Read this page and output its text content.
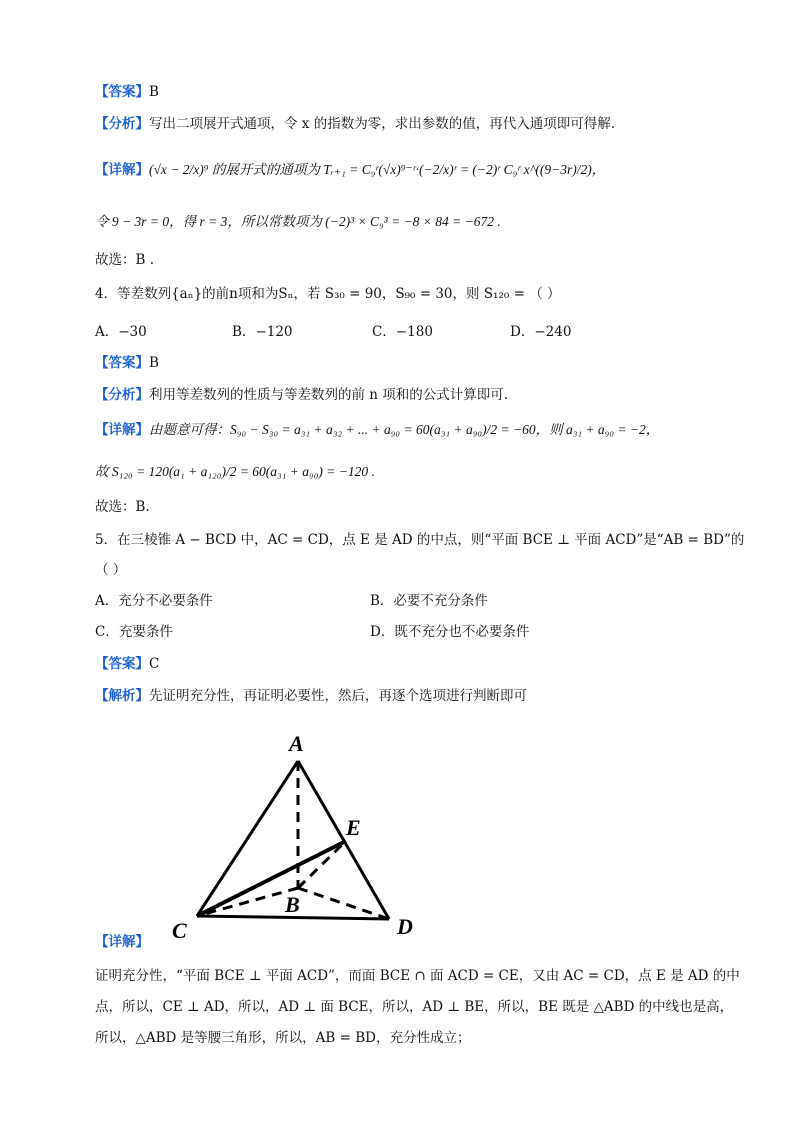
【答案】B
【分析】写出二项展开式通项，令 x 的指数为零，求出参数的值，再代入通项即可得解.
【详解】(√x − 2/x)⁹ 的展开式的通项为 Tᵣ₊₁ = C₉ʳ(√x)⁹⁻ʳ·(−2/x)ʳ = (−2)ʳ C₉ʳ x^((9−3r)/2)，
令 9 − 3r = 0，得 r = 3，所以常数项为 (−2)³ × C₉³ = −8 × 84 = −672 .
故选：B .
4．等差数列{aₙ}的前n项和为Sₙ，若 S₃₀ = 90，S₉₀ = 30，则 S₁₂₀ = （ ）
A．−30	B．−120	C．−180	D．−240
【答案】B
【分析】利用等差数列的性质与等差数列的前 n 项和的公式计算即可.
【详解】由题意可得：S₉₀ − S₃₀ = a₃₁ + a₃₂ + ... + a₉₀ = 60(a₃₁ + a₉₀)/2 = −60，则 a₃₁ + a₉₀ = −2，
故 S₁₂₀ = 120(a₁ + a₁₂₀)/2 = 60(a₃₁ + a₉₀) = −120 .
故选：B.
5．在三棱锥 A − BCD 中，AC = CD，点 E 是 AD 的中点，则“平面 BCE ⊥ 平面 ACD”是“AB = BD”的
（ ）
A．充分不必要条件	B．必要不充分条件
C．充要条件	D．既不充分也不必要条件
【答案】C
【解析】先证明充分性，再证明必要性，然后，再逐个选项进行判断即可
A
B
C	D
E
【详解】
证明充分性，“平面 BCE ⊥ 平面 ACD”，而面 BCE ∩ 面 ACD = CE，又由 AC = CD，点 E 是 AD 的中
点，所以，CE ⊥ AD，所以，AD ⊥ 面 BCE，所以，AD ⊥ BE，所以，BE 既是 △ABD 的中线也是高，
所以，△ABD 是等腰三角形，所以，AB = BD，充分性成立；
